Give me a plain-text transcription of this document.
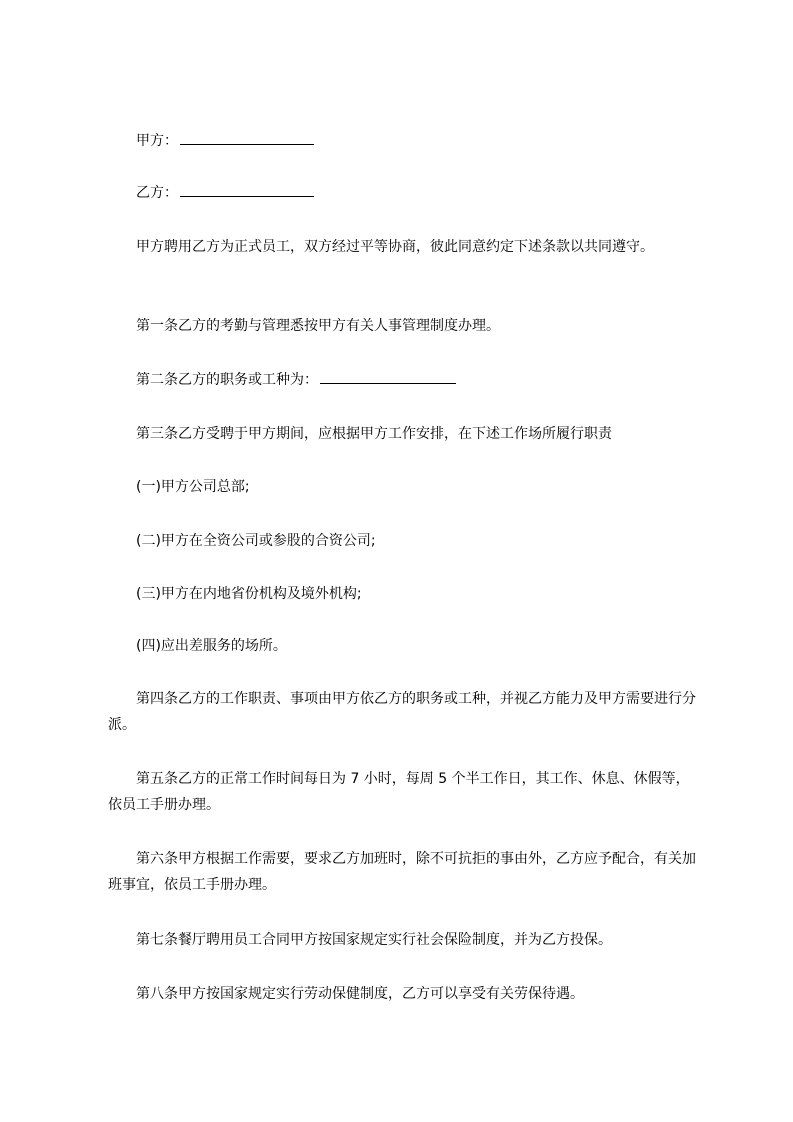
甲方：

乙方：

甲方聘用乙方为正式员工，双方经过平等协商，彼此同意约定下述条款以共同遵守。

第一条乙方的考勤与管理悉按甲方有关人事管理制度办理。

第二条乙方的职务或工种为：

第三条乙方受聘于甲方期间，应根据甲方工作安排，在下述工作场所履行职责

(一)甲方公司总部;

(二)甲方在全资公司或参股的合资公司;

(三)甲方在内地省份机构及境外机构;

(四)应出差服务的场所。

第四条乙方的工作职责、事项由甲方依乙方的职务或工种，并视乙方能力及甲方需要进行分派。

第五条乙方的正常工作时间每日为 7 小时，每周 5 个半工作日，其工作、休息、休假等，依员工手册办理。

第六条甲方根据工作需要，要求乙方加班时，除不可抗拒的事由外，乙方应予配合，有关加班事宜，依员工手册办理。

第七条餐厅聘用员工合同甲方按国家规定实行社会保险制度，并为乙方投保。

第八条甲方按国家规定实行劳动保健制度，乙方可以享受有关劳保待遇。
